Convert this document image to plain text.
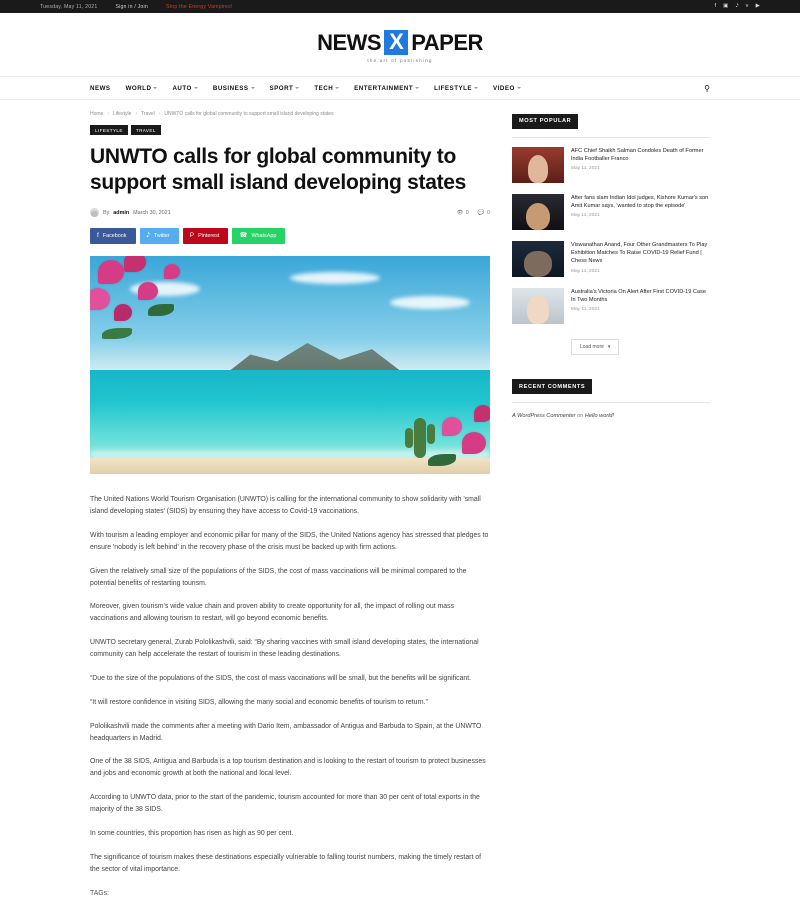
Tuesday, May 11, 2021	Sign in / Join	Stop the Energy Vampires!	f ▣ 𝅘𝅥𝅯 v ▶
NEWS X PAPER
the art of publishing
NEWS WORLD	AUTO	BUSINESS	SPORT	TECH	ENTERTAINMENT	LIFESTYLE	VIDEO	⚲
Home › Lifestyle › Travel › UNWTO calls for global community to support small island developing states
LIFESTYLE	TRAVEL
UNWTO calls for global community to support small island developing states
By admin March 30, 2021	👁 0 💬 0
f Facebook	𝅘𝅥𝅯 Twitter	P Pinterest	☎ WhatsApp

The United Nations World Tourism Organisation (UNWTO) is calling for the international community to show solidarity with 'small island developing states' (SIDS) by ensuring they have access to Covid-19 vaccinations.

With tourism a leading employer and economic pillar for many of the SIDS, the United Nations agency has stressed that pledges to ensure 'nobody is left behind' in the recovery phase of the crisis must be backed up with firm actions.

Given the relatively small size of the populations of the SIDS, the cost of mass vaccinations will be minimal compared to the potential benefits of restarting tourism.

Moreover, given tourism's wide value chain and proven ability to create opportunity for all, the impact of rolling out mass vaccinations and allowing tourism to restart, will go beyond economic benefits.

UNWTO secretary general, Zurab Pololikashvili, said: “By sharing vaccines with small island developing states, the international community can help accelerate the restart of tourism in these leading destinations.

“Due to the size of the populations of the SIDS, the cost of mass vaccinations will be small, but the benefits will be significant.

“It will restore confidence in visiting SIDS, allowing the many social and economic benefits of tourism to return.”

Pololikashvili made the comments after a meeting with Dario Item, ambassador of Antigua and Barbuda to Spain, at the UNWTO headquarters in Madrid.

One of the 38 SIDS, Antigua and Barbuda is a top tourism destination and is looking to the restart of tourism to protect businesses and jobs and economic growth at both the national and local level.

According to UNWTO data, prior to the start of the pandemic, tourism accounted for more than 30 per cent of total exports in the majority of the 38 SIDS.

In some countries, this proportion has risen as high as 90 per cent.

The significance of tourism makes these destinations especially vulnerable to falling tourist numbers, making the timely restart of the sector of vital importance.

TAGs:

MOST POPULAR
AFC Chief Shaikh Salman Condoles Death of Former India Footballer Franco
May 11, 2021
After fans slam Indian Idol judges, Kishore Kumar's son Amit Kumar says, 'wanted to stop the episode'
May 11, 2021
Viswanathan Anand, Four Other Grandmasters To Play Exhibition Matches To Raise COVID-19 Relief Fund | Chess News
May 11, 2021
Australia's Victoria On Alert After First COVID-19 Case In Two Months
May 11, 2021
Load more ▾
RECENT COMMENTS
A WordPress Commenter on Hello world!
